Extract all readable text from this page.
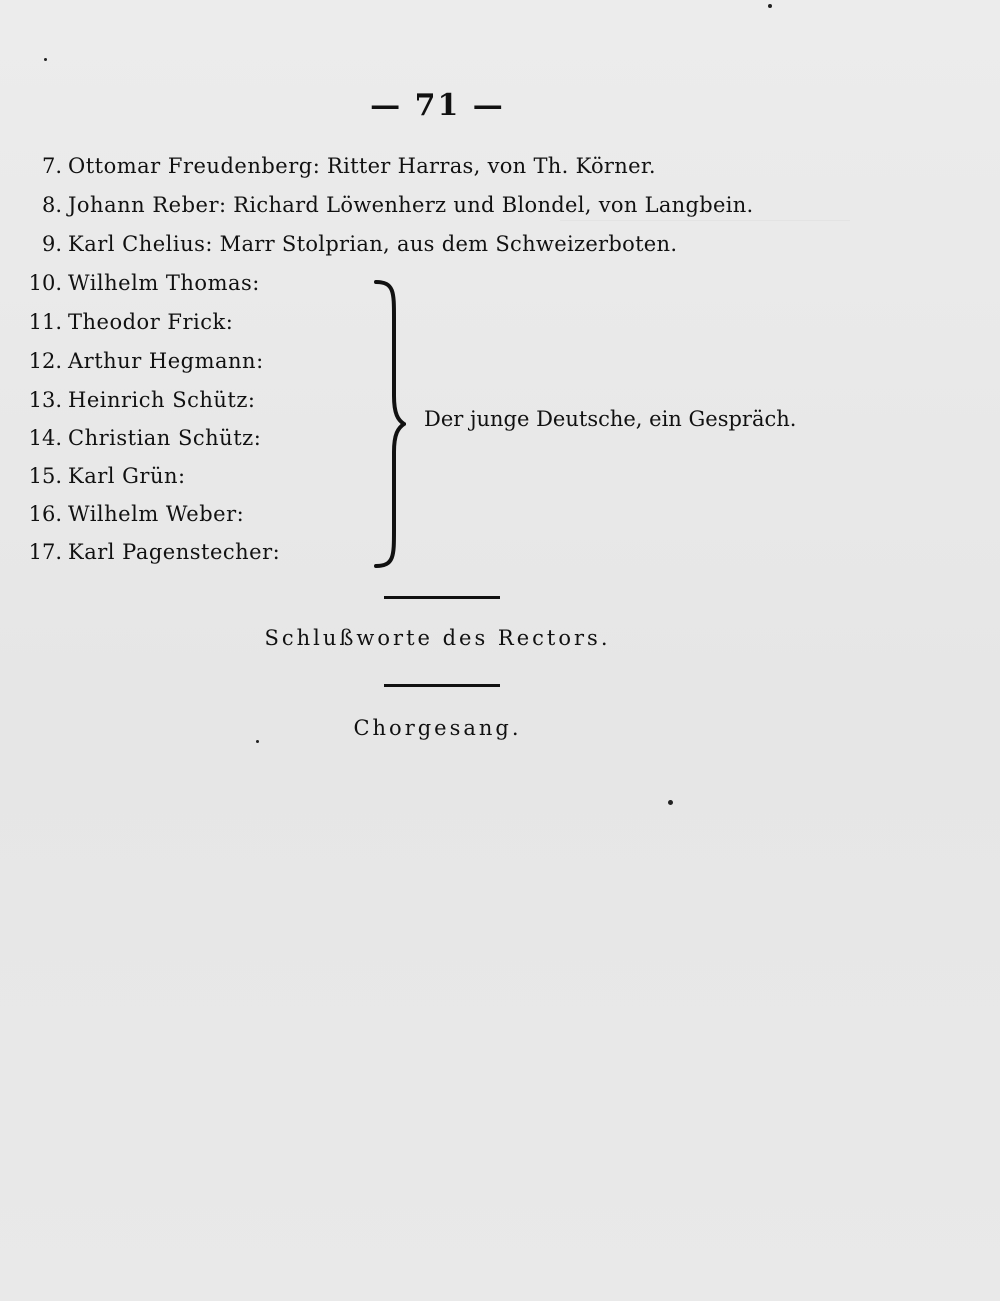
— 71 —
7. Ottomar Freudenberg: Ritter Harras, von Th. Körner.
8. Johann Reber: Richard Löwenherz und Blondel, von Langbein.
9. Karl Chelius: Marr Stolprian, aus dem Schweizerboten.
10. Wilhelm Thomas:
11. Theodor Frick:
12. Arthur Hegmann:
13. Heinrich Schütz:
14. Christian Schütz:
15. Karl Grün:
16. Wilhelm Weber:
17. Karl Pagenstecher:
Der junge Deutsche, ein Gespräch.
Schlußworte des Rectors.
Chorgesang.
